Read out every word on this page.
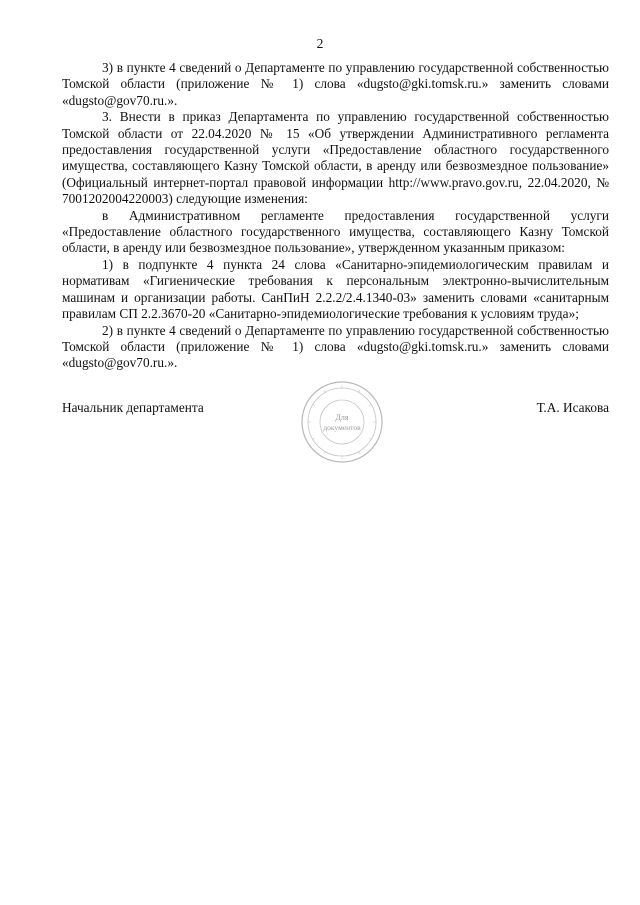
2

3) в пункте 4 сведений о Департаменте по управлению государственной собственностью Томской области (приложение № 1) слова «dugsto@gki.tomsk.ru.» заменить словами «dugsto@gov70.ru.».

3. Внести в приказ Департамента по управлению государственной собственностью Томской области от 22.04.2020 № 15 «Об утверждении Административного регламента предоставления государственной услуги «Предоставление областного государственного имущества, составляющего Казну Томской области, в аренду или безвозмездное пользование» (Официальный интернет-портал правовой информации http://www.pravo.gov.ru, 22.04.2020, № 7001202004220003) следующие изменения:

в Административном регламенте предоставления государственной услуги «Предоставление областного государственного имущества, составляющего Казну Томской области, в аренду или безвозмездное пользование», утвержденном указанным приказом:

1) в подпункте 4 пункта 24 слова «Санитарно-эпидемиологическим правилам и нормативам «Гигиенические требования к персональным электронно-вычислительным машинам и организации работы. СанПиН 2.2.2/2.4.1340-03» заменить словами «санитарным правилам СП 2.2.3670-20 «Санитарно-эпидемиологические требования к условиям труда»;

2) в пункте 4 сведений о Департаменте по управлению государственной собственностью Томской области (приложение № 1) слова «dugsto@gki.tomsk.ru.» заменить словами «dugsto@gov70.ru.».

Начальник департамента
Для
документов
Т.А. Исакова
